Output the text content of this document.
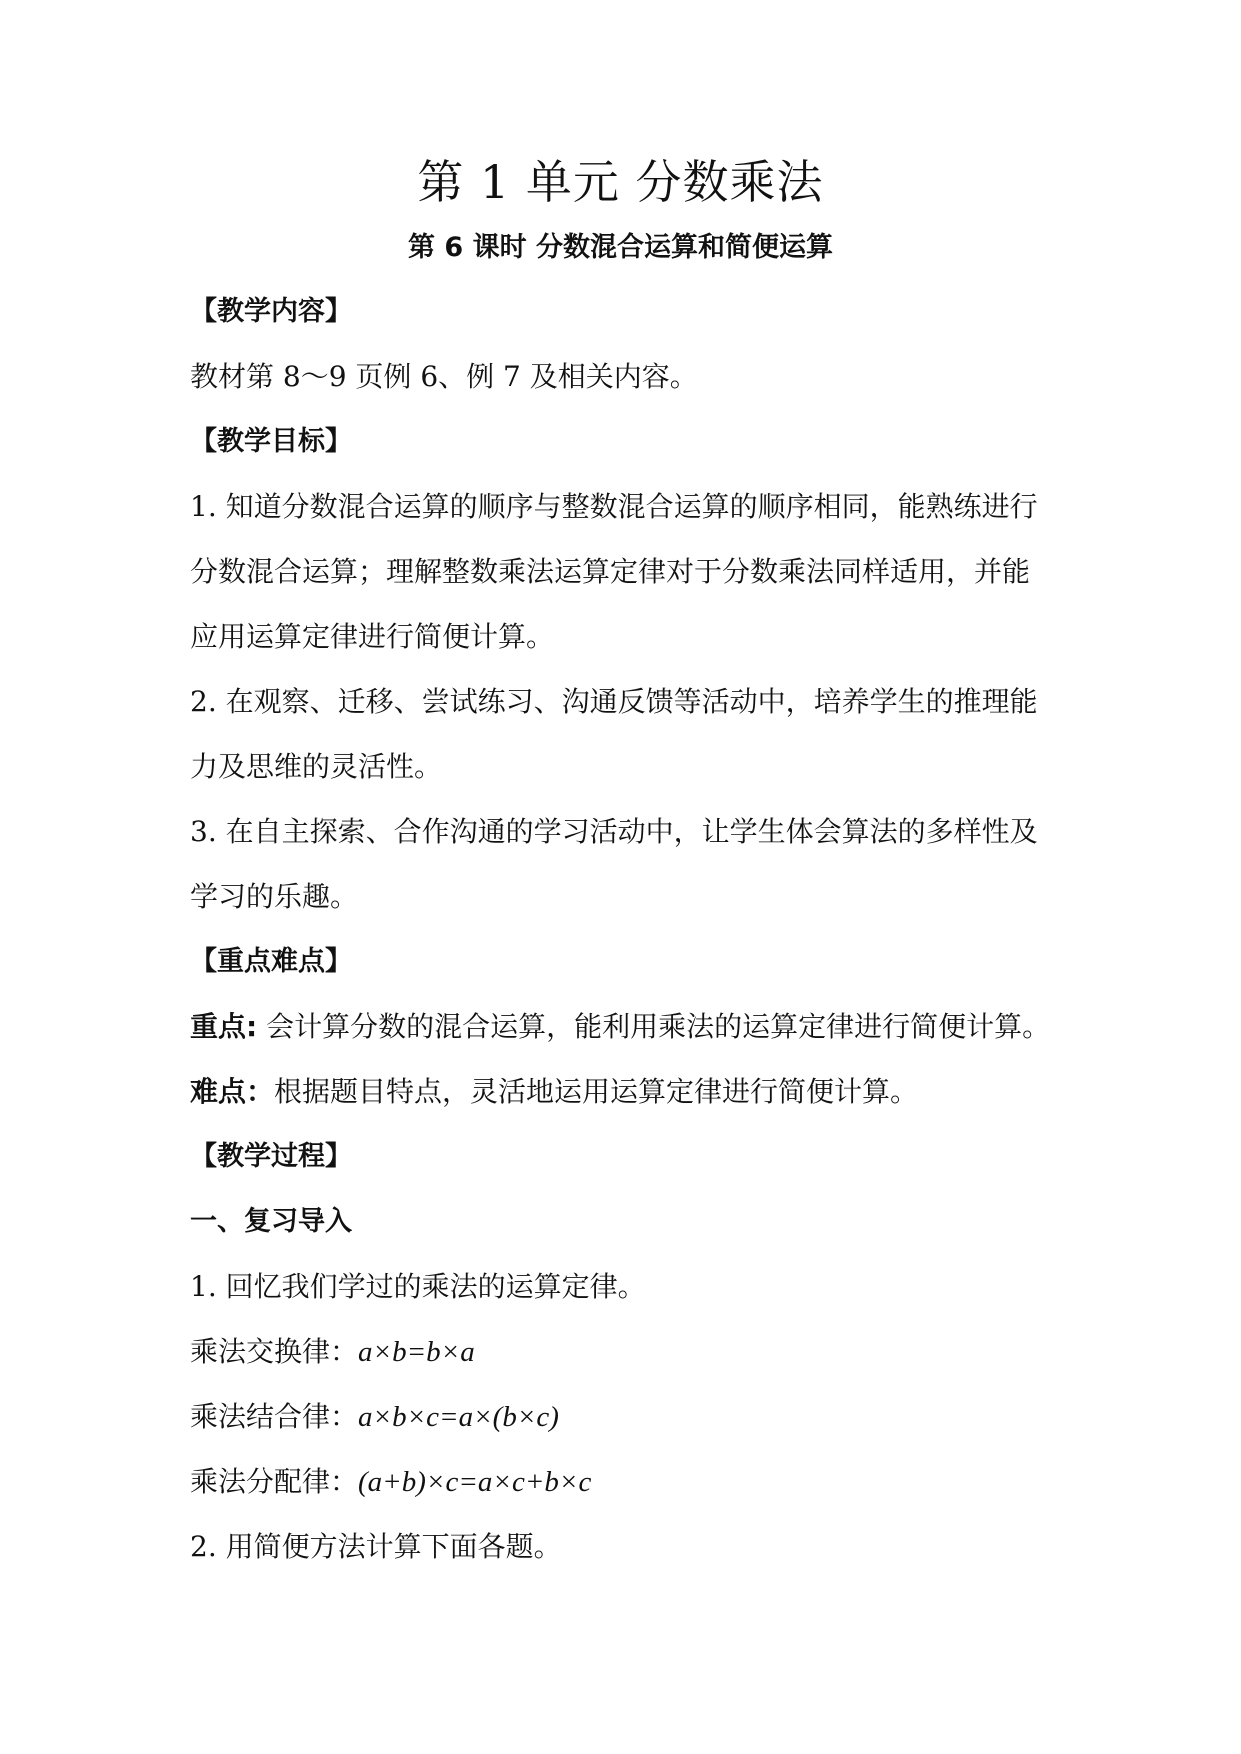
第 1 单元 分数乘法
第 6 课时 分数混合运算和简便运算
【教学内容】
教材第 8～9 页例 6、例 7 及相关内容。
【教学目标】
1. 知道分数混合运算的顺序与整数混合运算的顺序相同，能熟练进行
分数混合运算；理解整数乘法运算定律对于分数乘法同样适用，并能
应用运算定律进行简便计算。
2. 在观察、迁移、尝试练习、沟通反馈等活动中，培养学生的推理能
力及思维的灵活性。
3. 在自主探索、合作沟通的学习活动中，让学生体会算法的多样性及
学习的乐趣。
【重点难点】
重点: 会计算分数的混合运算，能利用乘法的运算定律进行简便计算。
难点：根据题目特点，灵活地运用运算定律进行简便计算。
【教学过程】
一、复习导入
1. 回忆我们学过的乘法的运算定律。
乘法交换律：a×b=b×a
乘法结合律：a×b×c=a×(b×c)
乘法分配律：(a+b)×c=a×c+b×c
2. 用简便方法计算下面各题。
